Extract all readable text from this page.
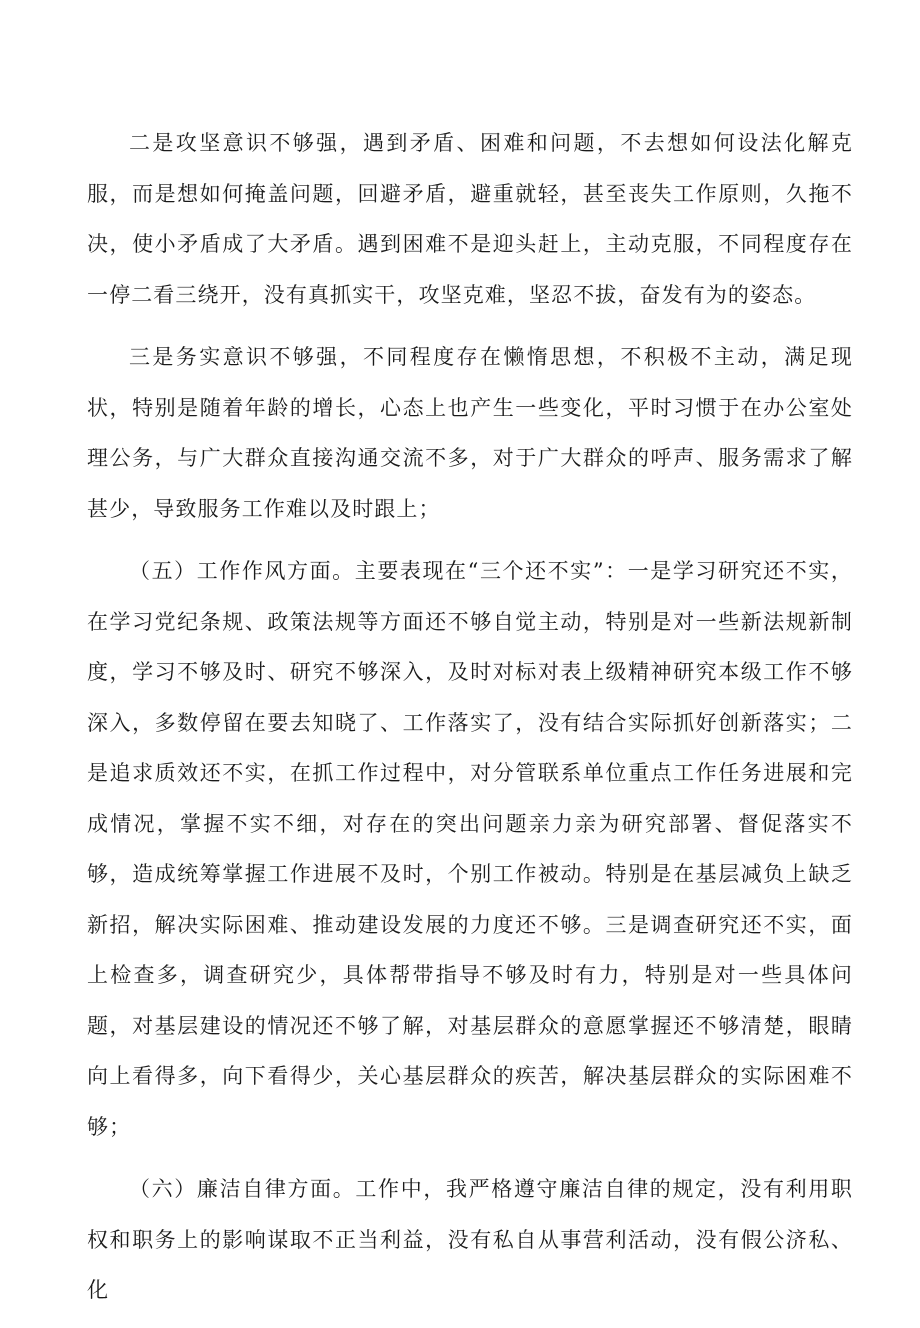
二是攻坚意识不够强，遇到矛盾、困难和问题，不去想如何设法化解克服，而是想如何掩盖问题，回避矛盾，避重就轻，甚至丧失工作原则，久拖不决，使小矛盾成了大矛盾。遇到困难不是迎头赶上，主动克服，不同程度存在一停二看三绕开，没有真抓实干，攻坚克难，坚忍不拔，奋发有为的姿态。

三是务实意识不够强，不同程度存在懒惰思想，不积极不主动，满足现状，特别是随着年龄的增长，心态上也产生一些变化，平时习惯于在办公室处理公务，与广大群众直接沟通交流不多，对于广大群众的呼声、服务需求了解甚少，导致服务工作难以及时跟上；

（五）工作作风方面。主要表现在“三个还不实”：一是学习研究还不实，在学习党纪条规、政策法规等方面还不够自觉主动，特别是对一些新法规新制度，学习不够及时、研究不够深入，及时对标对表上级精神研究本级工作不够深入，多数停留在要去知晓了、工作落实了，没有结合实际抓好创新落实；二是追求质效还不实，在抓工作过程中，对分管联系单位重点工作任务进展和完成情况，掌握不实不细，对存在的突出问题亲力亲为研究部署、督促落实不够，造成统筹掌握工作进展不及时，个别工作被动。特别是在基层减负上缺乏新招，解决实际困难、推动建设发展的力度还不够。三是调查研究还不实，面上检查多，调查研究少，具体帮带指导不够及时有力，特别是对一些具体问题，对基层建设的情况还不够了解，对基层群众的意愿掌握还不够清楚，眼睛向上看得多，向下看得少，关心基层群众的疾苦，解决基层群众的实际困难不够；

（六）廉洁自律方面。工作中，我严格遵守廉洁自律的规定，没有利用职权和职务上的影响谋取不正当利益，没有私自从事营利活动，没有假公济私、化
